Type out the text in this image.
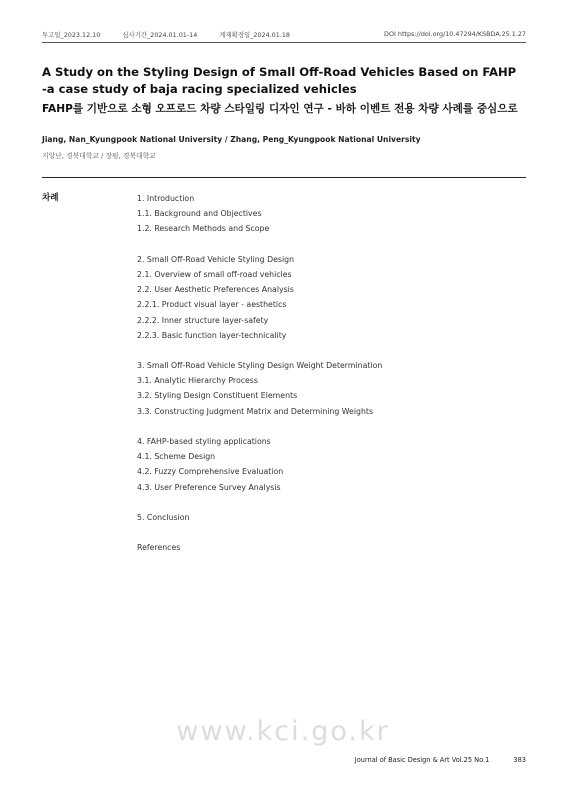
투고일_2023.12.10	심사기간_2024.01.01-14	게재확정일_2024.01.18	DOI https://doi.org/10.47294/KSBDA.25.1.27
A Study on the Styling Design of Small Off-Road Vehicles Based on FAHP
-a case study of baja racing specialized vehicles
FAHP를 기반으로 소형 오프로드 차량 스타일링 디자인 연구 - 바하 이벤트 전용 차량 사례를 중심으로
Jiang, Nan_Kyungpook National University / Zhang, Peng_Kyungpook National University
지앙난, 경북대학교 / 장펑, 경북대학교
차례	1. Introduction
1.1. Background and Objectives
1.2. Research Methods and Scope
2. Small Off-Road Vehicle Styling Design
2.1. Overview of small off-road vehicles
2.2. User Aesthetic Preferences Analysis
2.2.1. Product visual layer - aesthetics
2.2.2. Inner structure layer-safety
2.2.3. Basic function layer-technicality
3. Small Off-Road Vehicle Styling Design Weight Determination
3.1. Analytic Hierarchy Process
3.2. Styling Design Constituent Elements
3.3. Constructing Judgment Matrix and Determining Weights
4. FAHP-based styling applications
4.1. Scheme Design
4.2. Fuzzy Comprehensive Evaluation
4.3. User Preference Survey Analysis
5. Conclusion
References
www.kci.go.kr
Journal of Basic Design & Art Vol.25 No.1	383
